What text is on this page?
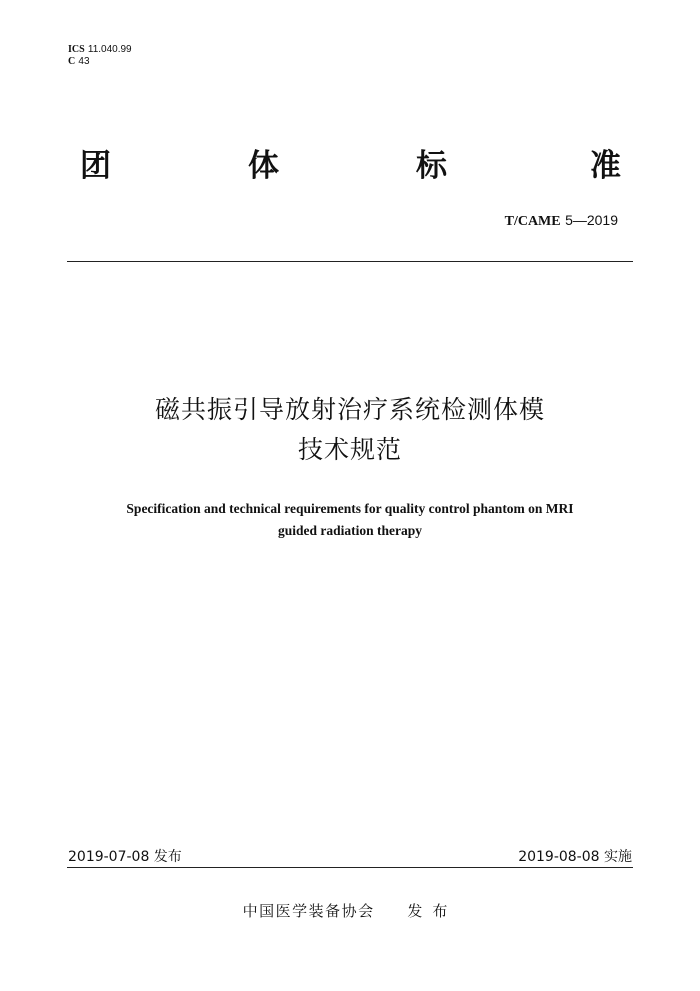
ICS 11.040.99
C 43
团	体	标	准
T/CAME 5—2019
磁共振引导放射治疗系统检测体模
技术规范
Specification and technical requirements for quality control phantom on MRI
guided radiation therapy
2019-07-08 发布	2019-08-08 实施
中国医学装备协会 发布
